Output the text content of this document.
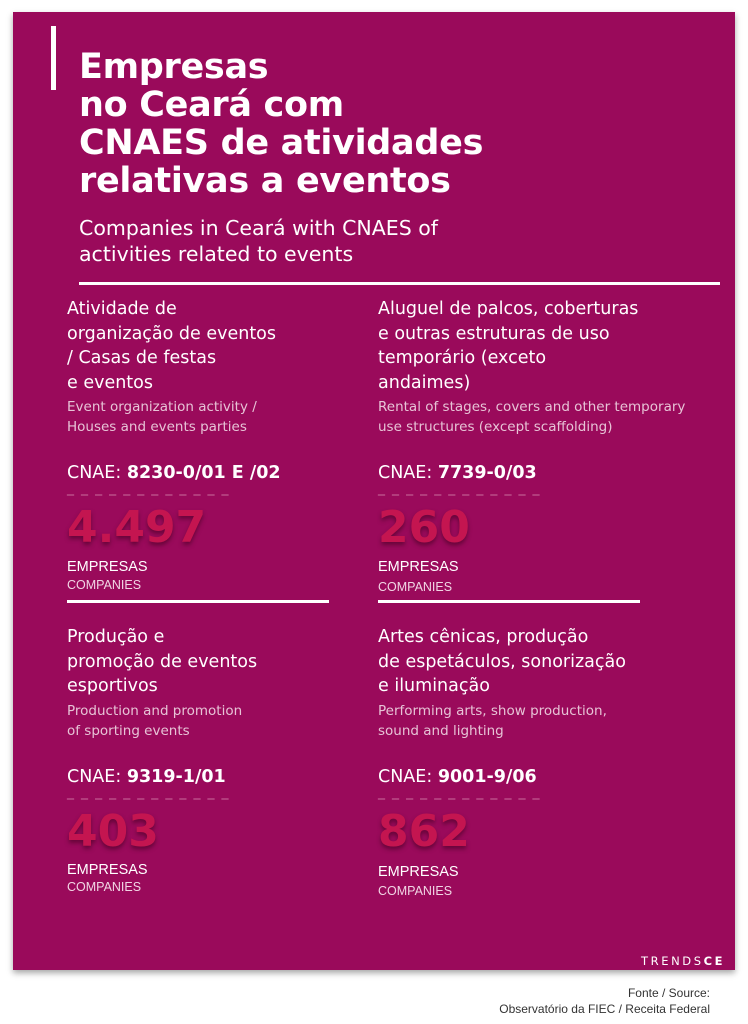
Empresas
no Ceará com
CNAES de atividades
relativas a eventos

Companies in Ceará with CNAES of
activities related to events

Atividade de
organização de eventos
/ Casas de festas
e eventos

Event organization activity /
Houses and events parties

CNAE: 8230-0/01 E /02
_ _ _ _ _ _ _ _ _ _ _ _
4.497
EMPRESAS
COMPANIES

Aluguel de palcos, coberturas
e outras estruturas de uso
temporário (exceto
andaimes)

Rental of stages, covers and other temporary
use structures (except scaffolding)

CNAE: 7739-0/03
_ _ _ _ _ _ _ _ _ _ _ _
260
EMPRESAS
COMPANIES

Produção e
promoção de eventos
esportivos

Production and promotion
of sporting events

CNAE: 9319-1/01
_ _ _ _ _ _ _ _ _ _ _ _
403
EMPRESAS
COMPANIES

Artes cênicas, produção
de espetáculos, sonorização
e iluminação

Performing arts, show production,
sound and lighting

CNAE: 9001-9/06
_ _ _ _ _ _ _ _ _ _ _ _
862
EMPRESAS
COMPANIES
TRENDSCE
Fonte / Source:
Observatório da FIEC / Receita Federal
